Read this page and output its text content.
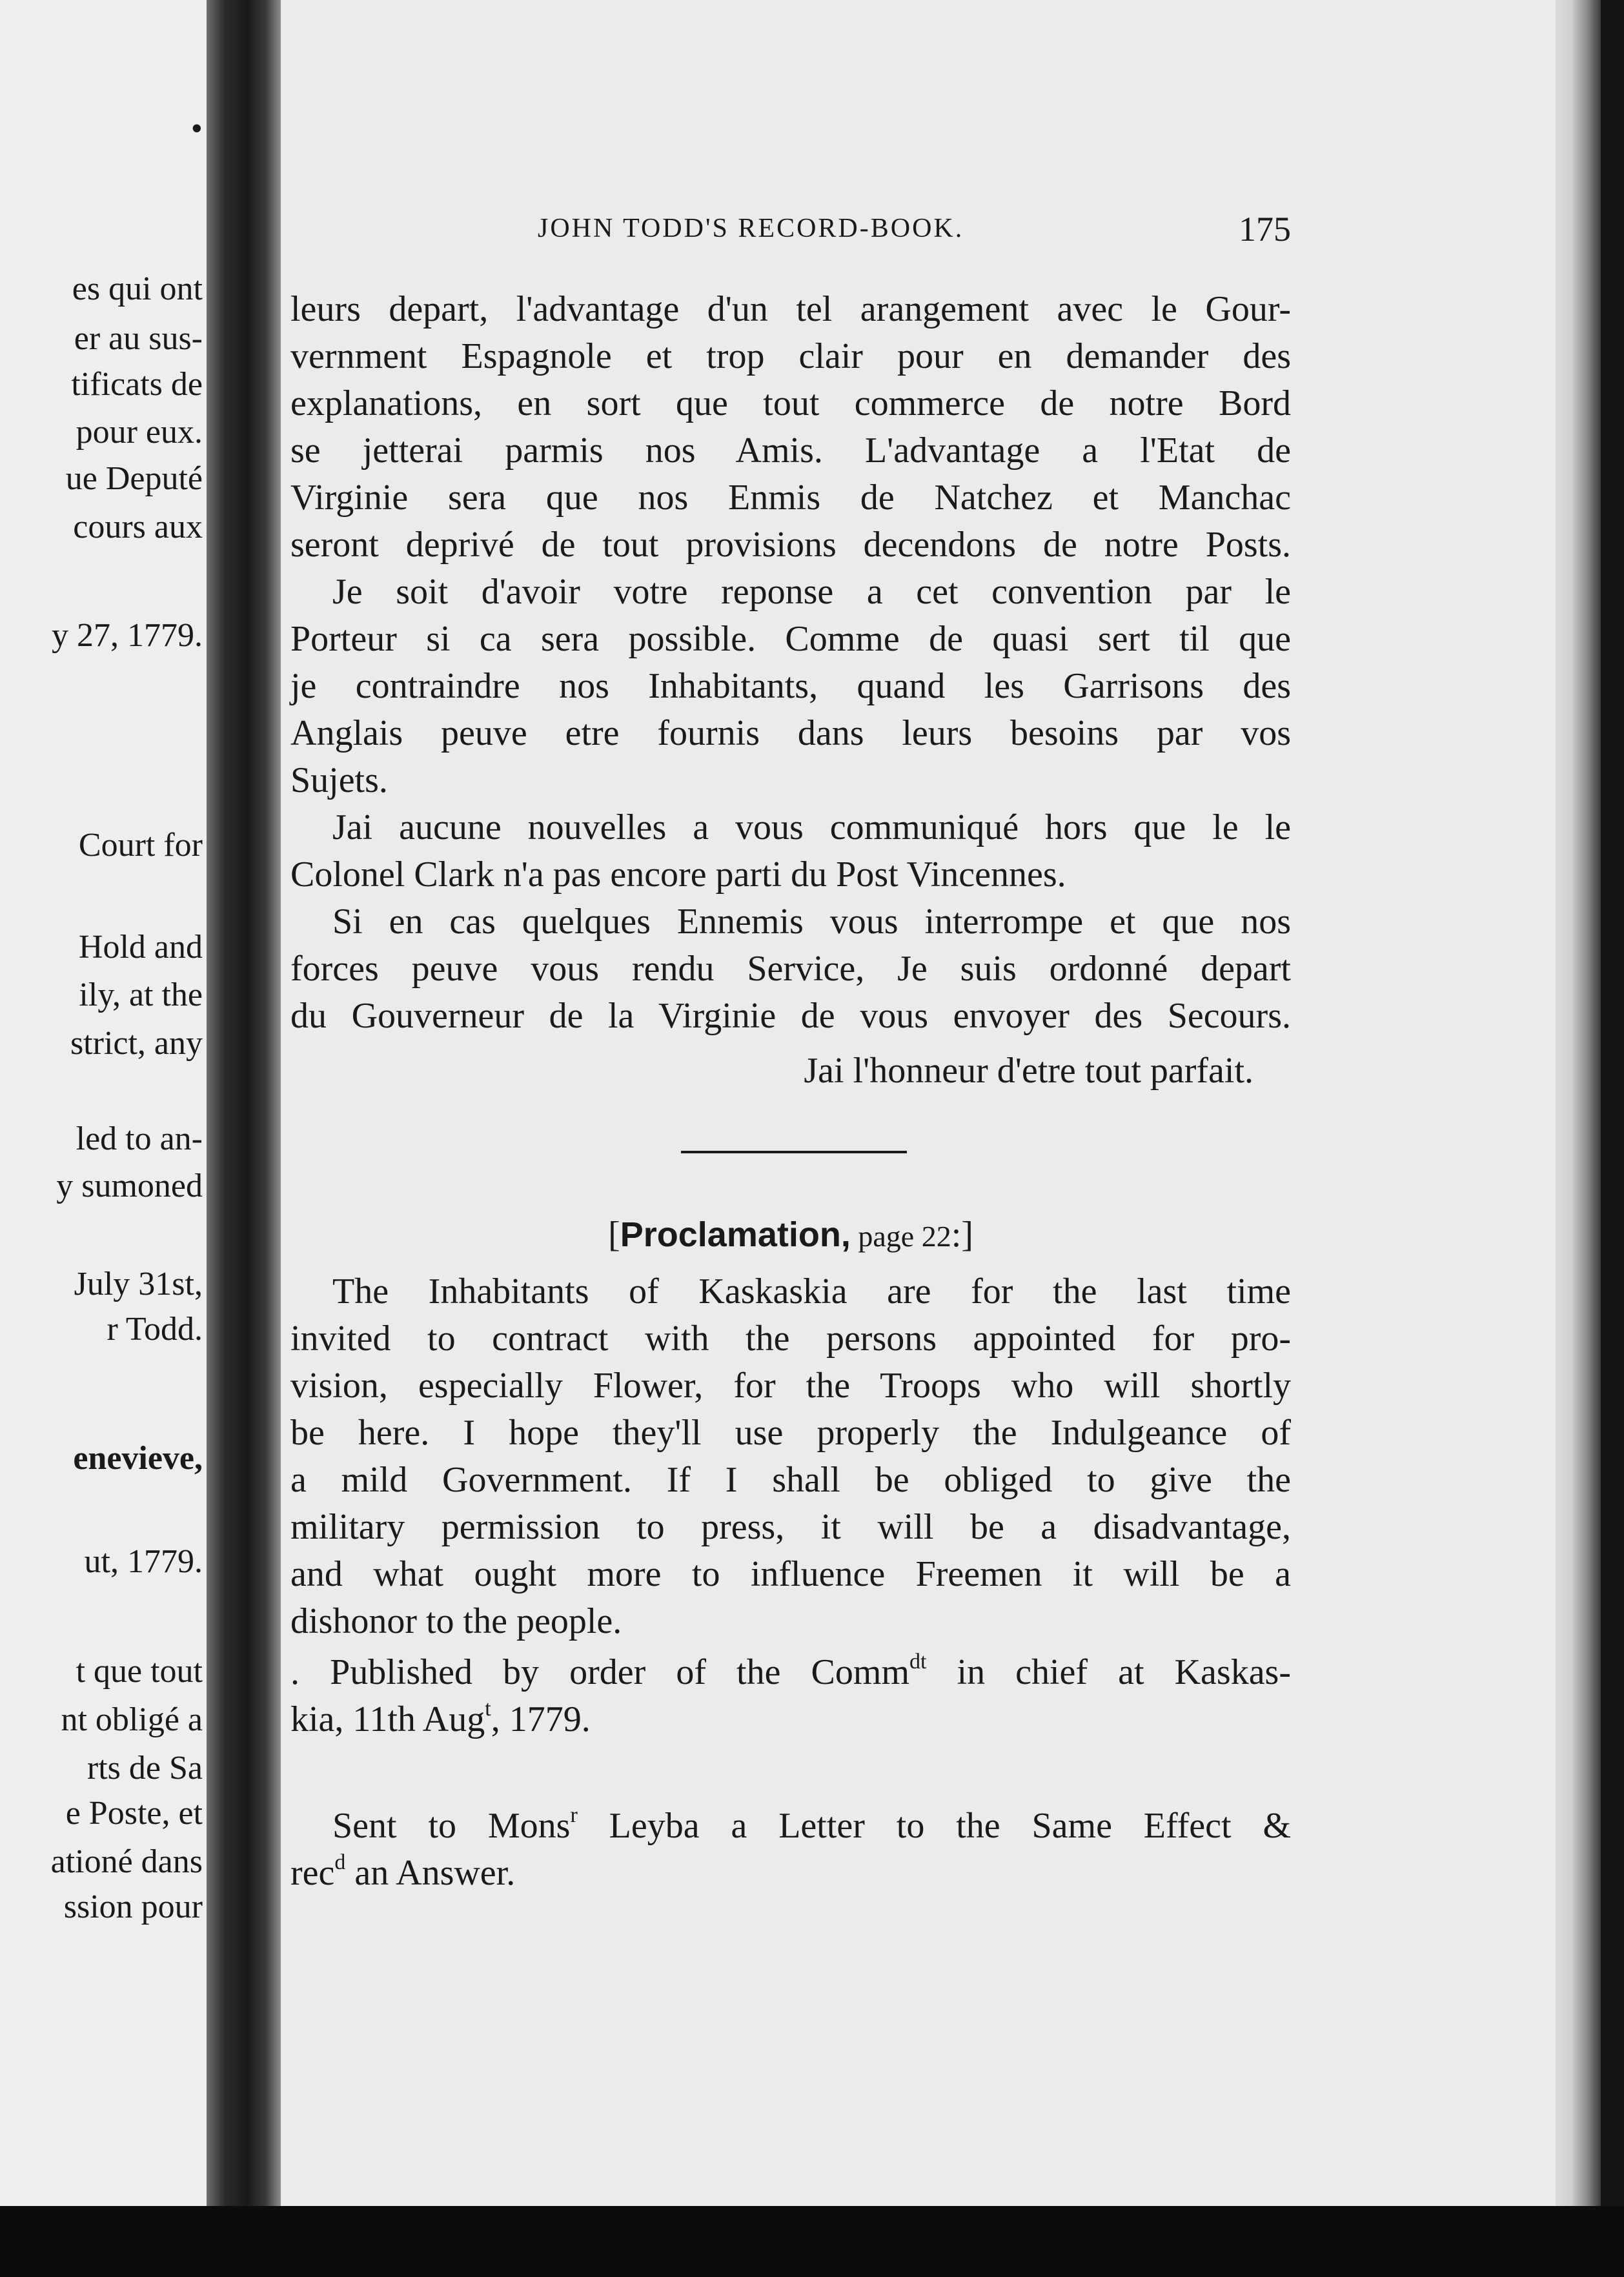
•
es qui ont
er au sus-
tificats de
pour eux.
ue Deputé
cours aux
y 27, 1779.
Court for
Hold and
ily, at the
strict, any
led to an-
y sumoned
July 31st,
r Todd.
enevieve,
ut, 1779.
t que tout
nt obligé a
rts de Sa
e Poste, et
ationé dans
ssion pour
JOHN TODD'S RECORD-BOOK.	175
leurs depart, l'advantage d'un tel arangement avec le Gour-
vernment Espagnole et trop clair pour en demander des
explanations, en sort que tout commerce de notre Bord
se jetterai parmis nos Amis. L'advantage a l'Etat de
Virginie sera que nos Enmis de Natchez et Manchac
seront deprivé de tout provisions decendons de notre Posts.
Je soit d'avoir votre reponse a cet convention par le
Porteur si ca sera possible. Comme de quasi sert til que
je contraindre nos Inhabitants, quand les Garrisons des
Anglais peuve etre fournis dans leurs besoins par vos
Sujets.
Jai aucune nouvelles a vous communiqué hors que le le
Colonel Clark n'a pas encore parti du Post Vincennes.
Si en cas quelques Ennemis vous interrompe et que nos
forces peuve vous rendu Service, Je suis ordonné depart
du Gouverneur de la Virginie de vous envoyer des Secours.
Jai l'honneur d'etre tout parfait.
[Proclamation, page 22:]
The Inhabitants of Kaskaskia are for the last time
invited to contract with the persons appointed for pro-
vision, especially Flower, for the Troops who will shortly
be here. I hope they'll use properly the Indulgeance of
a mild Government. If I shall be obliged to give the
military permission to press, it will be a disadvantage,
and what ought more to influence Freemen it will be a
dishonor to the people.
. Published by order of the Comm$^{dt}$ in chief at Kaskas-
kia, 11th Aug$^t$, 1779.
Sent to Mons$^r$ Leyba a Letter to the Same Effect &
rec$^d$ an Answer.
